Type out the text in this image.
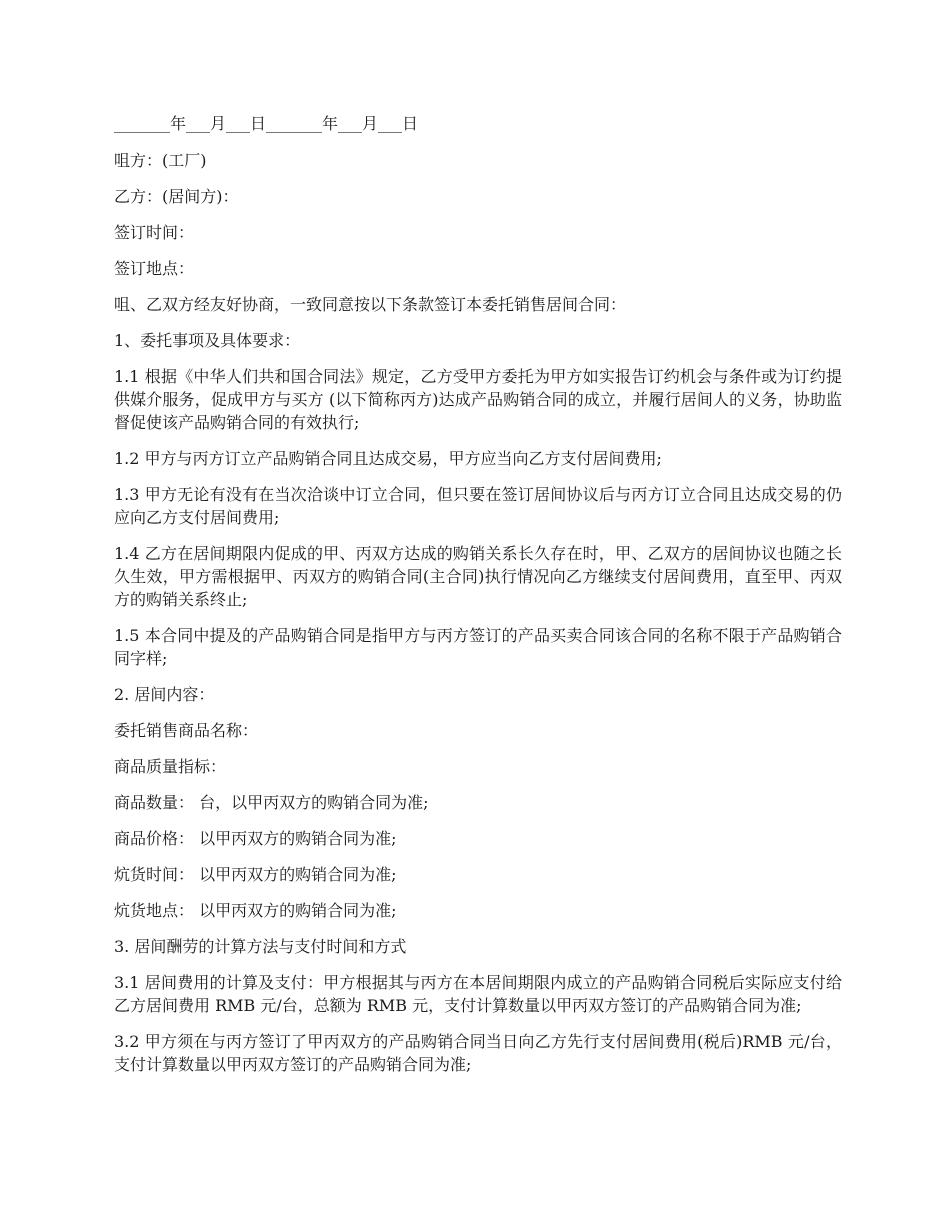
_______年___月___日_______年___月___日

咀方：(工厂)

乙方：(居间方)：

签订时间：

签订地点：

咀、乙双方经友好协商，一致同意按以下条款签订本委托销售居间合同：

1、委托事项及具体要求：

1.1 根据《中华人们共和国合同法》规定，乙方受甲方委托为甲方如实报告订约机会与条件或为订约提供媒介服务，促成甲方与买方 (以下简称丙方)达成产品购销合同的成立，并履行居间人的义务，协助监督促使该产品购销合同的有效执行;

1.2 甲方与丙方订立产品购销合同且达成交易，甲方应当向乙方支付居间费用;

1.3 甲方无论有没有在当次洽谈中订立合同，但只要在签订居间协议后与丙方订立合同且达成交易的仍应向乙方支付居间费用;

1.4 乙方在居间期限内促成的甲、丙双方达成的购销关系长久存在时，甲、乙双方的居间协议也随之长久生效，甲方需根据甲、丙双方的购销合同(主合同)执行情况向乙方继续支付居间费用，直至甲、丙双方的购销关系终止;

1.5 本合同中提及的产品购销合同是指甲方与丙方签订的产品买卖合同该合同的名称不限于产品购销合同字样;

2. 居间内容：

委托销售商品名称：

商品质量指标：

商品数量： 台，以甲丙双方的购销合同为准;

商品价格： 以甲丙双方的购销合同为准;

炕货时间： 以甲丙双方的购销合同为准;

炕货地点： 以甲丙双方的购销合同为准;

3. 居间酬劳的计算方法与支付时间和方式

3.1 居间费用的计算及支付：甲方根据其与丙方在本居间期限内成立的产品购销合同税后实际应支付给乙方居间费用 RMB 元/台，总额为 RMB 元，支付计算数量以甲丙双方签订的产品购销合同为准;

3.2 甲方须在与丙方签订了甲丙双方的产品购销合同当日向乙方先行支付居间费用(税后)RMB 元/台，支付计算数量以甲丙双方签订的产品购销合同为准;
